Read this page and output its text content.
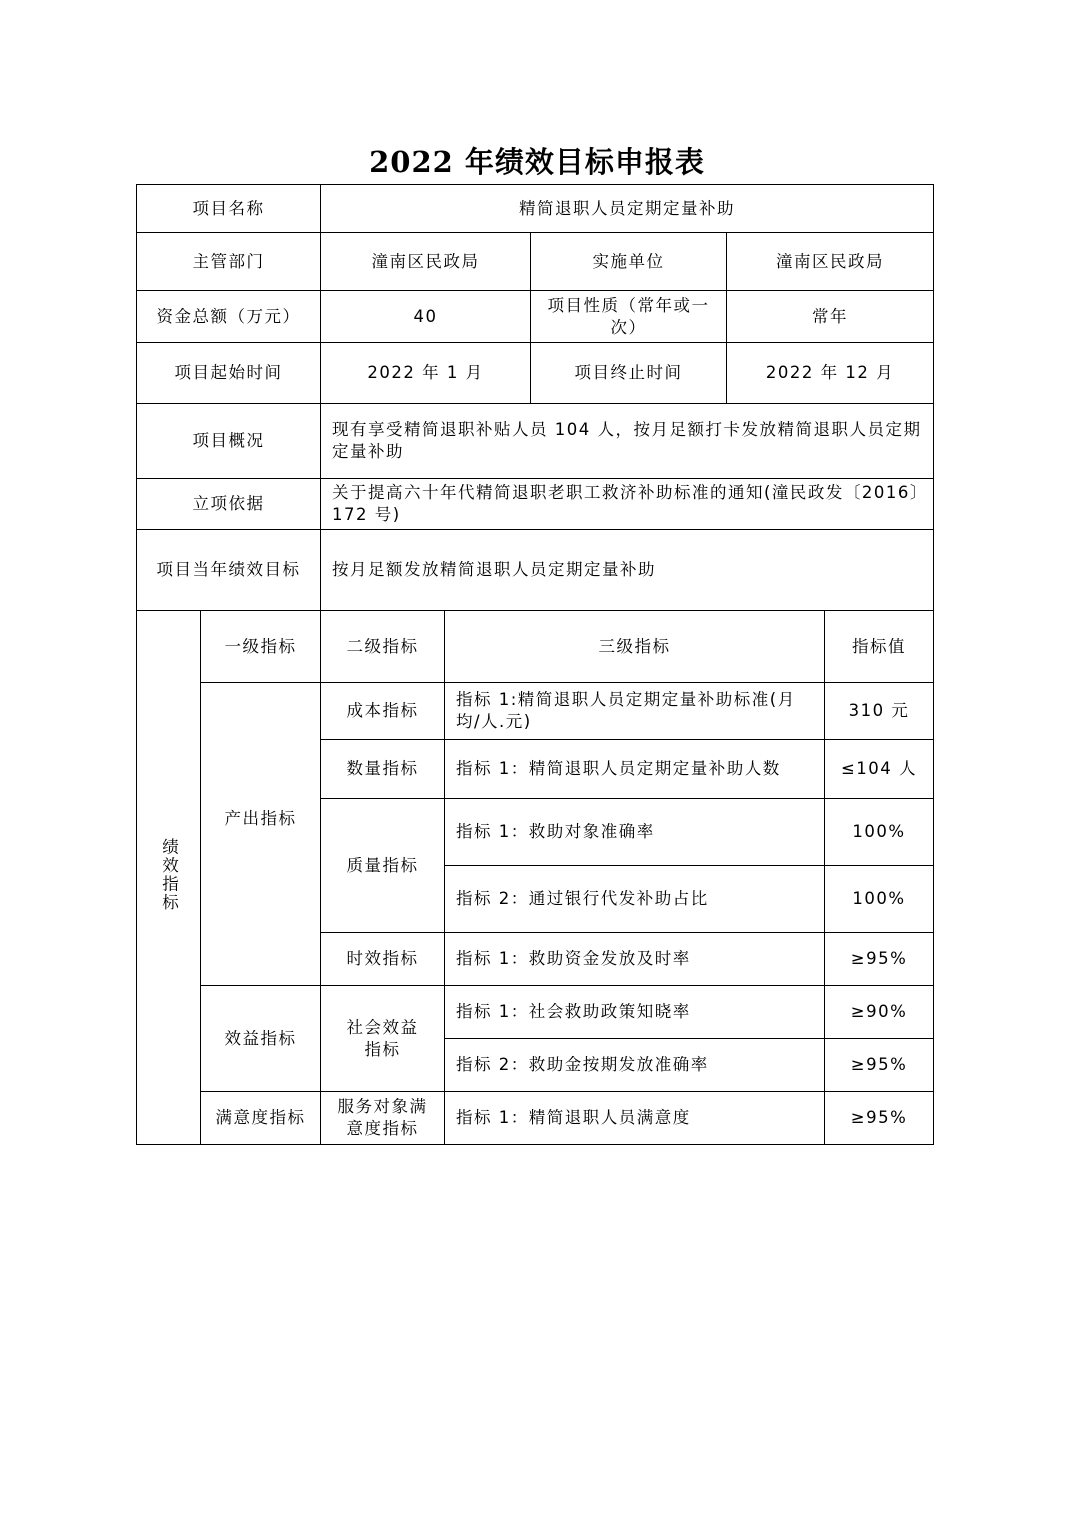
2022 年绩效目标申报表
项目名称		精简退职人员定期定量补助				
主管部门		潼南区民政局		实施单位	潼南区民政局	
资金总额（万元）		40		项目性质（常年或一次）	常年	
项目起始时间		2022 年 1 月		项目终止时间	2022 年 12 月	
项目概况		现有享受精简退职补贴人员 104 人，按月足额打卡发放精简退职人员定期定量补助				
立项依据		关于提高六十年代精简退职老职工救济补助标准的通知(潼民政发〔2016〕172 号)				
项目当年绩效目标		按月足额发放精简退职人员定期定量补助				
绩效指标	一级指标	二级指标	三级指标			指标值
	产出指标	成本指标	指标 1:精简退职人员定期定量补助标准(月均/人.元)			310 元
		数量指标	指标 1：精简退职人员定期定量补助人数			≤104 人
		质量指标	指标 1：救助对象准确率			100%
			指标 2：通过银行代发补助占比			100%
		时效指标	指标 1：救助资金发放及时率			≥95%
	效益指标	社会效益指标	指标 1：社会救助政策知晓率			≥90%
			指标 2：救助金按期发放准确率			≥95%
	满意度指标	服务对象满意度指标	指标 1：精简退职人员满意度			≥95%
